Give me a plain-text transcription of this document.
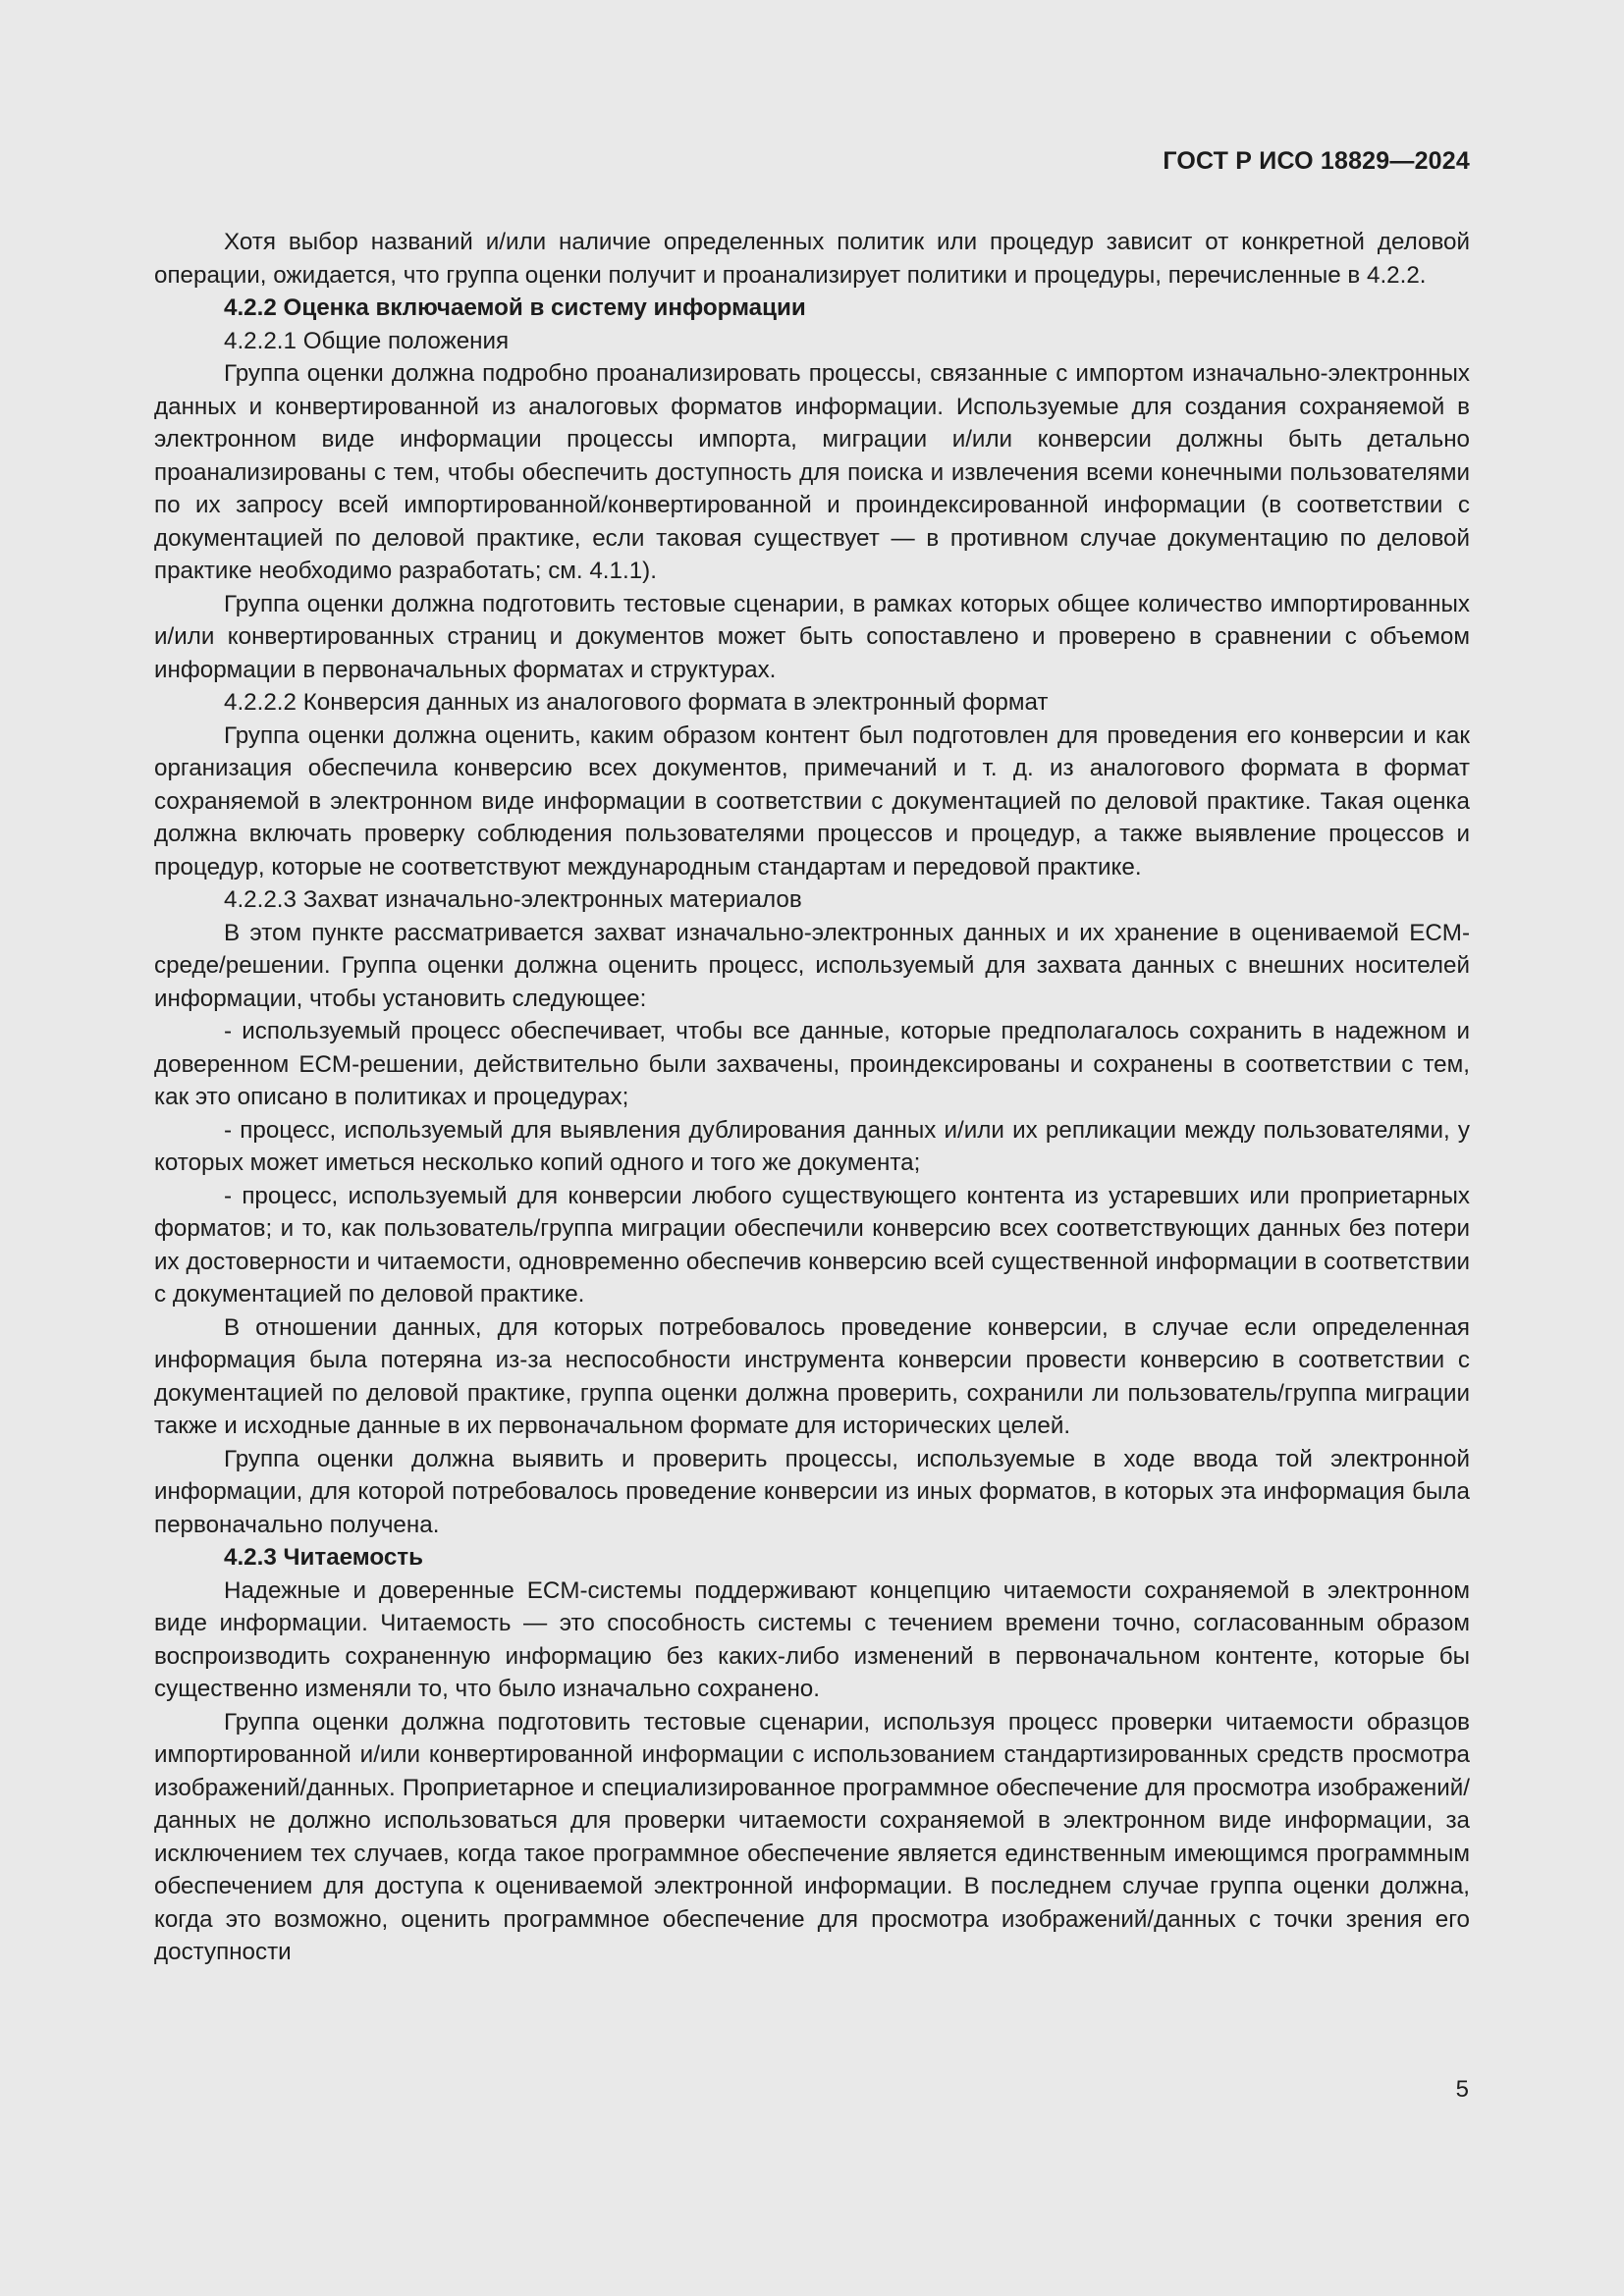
ГОСТ Р ИСО 18829—2024

Хотя выбор названий и/или наличие определенных политик или процедур зависит от конкретной деловой операции, ожидается, что группа оценки получит и проанализирует политики и процедуры, перечисленные в 4.2.2.

4.2.2 Оценка включаемой в систему информации

4.2.2.1 Общие положения

Группа оценки должна подробно проанализировать процессы, связанные с импортом изначально-электронных данных и конвертированной из аналоговых форматов информации. Используемые для создания сохраняемой в электронном виде информации процессы импорта, миграции и/или конверсии должны быть детально проанализированы с тем, чтобы обеспечить доступность для поиска и извлечения всеми конечными пользователями по их запросу всей импортированной/конвертированной и проиндексированной информации (в соответствии с документацией по деловой практике, если таковая существует — в противном случае документацию по деловой практике необходимо разработать; см. 4.1.1).

Группа оценки должна подготовить тестовые сценарии, в рамках которых общее количество импортированных и/или конвертированных страниц и документов может быть сопоставлено и проверено в сравнении с объемом информации в первоначальных форматах и структурах.

4.2.2.2 Конверсия данных из аналогового формата в электронный формат

Группа оценки должна оценить, каким образом контент был подготовлен для проведения его конверсии и как организация обеспечила конверсию всех документов, примечаний и т. д. из аналогового формата в формат сохраняемой в электронном виде информации в соответствии с документацией по деловой практике. Такая оценка должна включать проверку соблюдения пользователями процессов и процедур, а также выявление процессов и процедур, которые не соответствуют международным стандартам и передовой практике.

4.2.2.3 Захват изначально-электронных материалов

В этом пункте рассматривается захват изначально-электронных данных и их хранение в оцениваемой ECM-среде/решении. Группа оценки должна оценить процесс, используемый для захвата данных с внешних носителей информации, чтобы установить следующее:

- используемый процесс обеспечивает, чтобы все данные, которые предполагалось сохранить в надежном и доверенном ECM-решении, действительно были захвачены, проиндексированы и сохранены в соответствии с тем, как это описано в политиках и процедурах;

- процесс, используемый для выявления дублирования данных и/или их репликации между пользователями, у которых может иметься несколько копий одного и того же документа;

- процесс, используемый для конверсии любого существующего контента из устаревших или проприетарных форматов; и то, как пользователь/группа миграции обеспечили конверсию всех соответствующих данных без потери их достоверности и читаемости, одновременно обеспечив конверсию всей существенной информации в соответствии с документацией по деловой практике.

В отношении данных, для которых потребовалось проведение конверсии, в случае если определенная информация была потеряна из-за неспособности инструмента конверсии провести конверсию в соответствии с документацией по деловой практике, группа оценки должна проверить, сохранили ли пользователь/группа миграции также и исходные данные в их первоначальном формате для исторических целей.

Группа оценки должна выявить и проверить процессы, используемые в ходе ввода той электронной информации, для которой потребовалось проведение конверсии из иных форматов, в которых эта информация была первоначально получена.

4.2.3 Читаемость

Надежные и доверенные ECM-системы поддерживают концепцию читаемости сохраняемой в электронном виде информации. Читаемость — это способность системы с течением времени точно, согласованным образом воспроизводить сохраненную информацию без каких-либо изменений в первоначальном контенте, которые бы существенно изменяли то, что было изначально сохранено.

Группа оценки должна подготовить тестовые сценарии, используя процесс проверки читаемости образцов импортированной и/или конвертированной информации с использованием стандартизированных средств просмотра изображений/данных. Проприетарное и специализированное программное обеспечение для просмотра изображений/данных не должно использоваться для проверки читаемости сохраняемой в электронном виде информации, за исключением тех случаев, когда такое программное обеспечение является единственным имеющимся программным обеспечением для доступа к оцениваемой электронной информации. В последнем случае группа оценки должна, когда это возможно, оценить программное обеспечение для просмотра изображений/данных с точки зрения его доступности

5
